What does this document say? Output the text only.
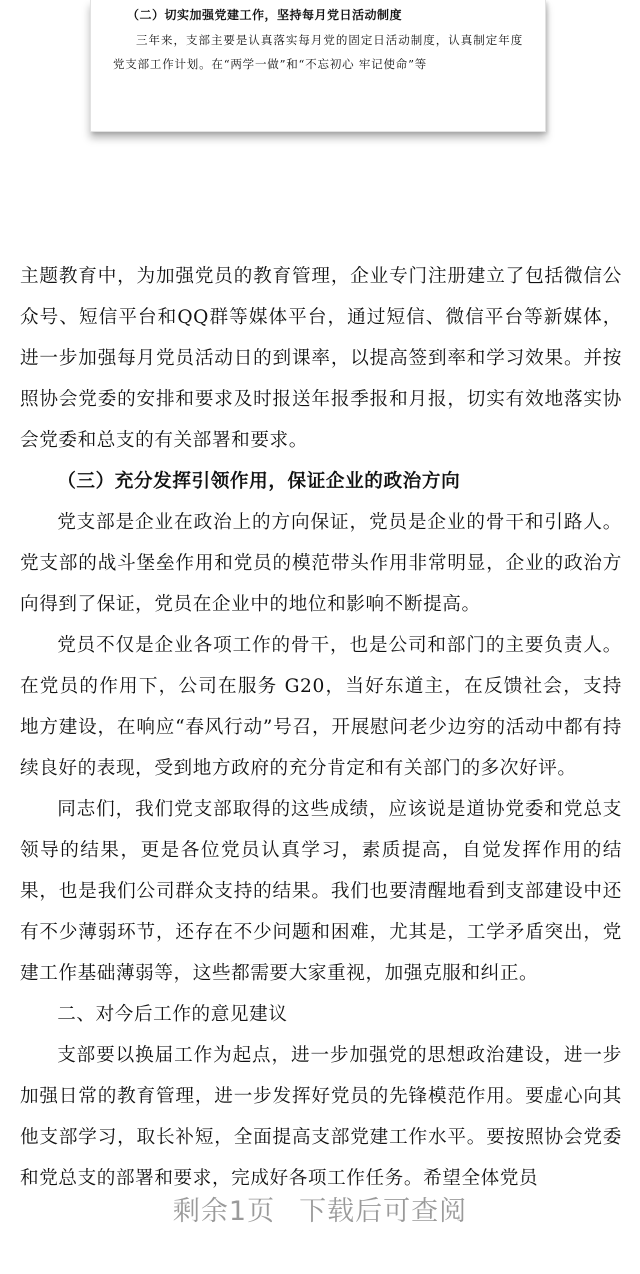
（二）切实加强党建工作，坚持每月党日活动制度

三年来，支部主要是认真落实每月党的固定日活动制度，认真制定年度党支部工作计划。在“两学一做”和“不忘初心 牢记使命”等

主题教育中，为加强党员的教育管理，企业专门注册建立了包括微信公众号、短信平台和QQ群等媒体平台，通过短信、微信平台等新媒体，进一步加强每月党员活动日的到课率，以提高签到率和学习效果。并按照协会党委的安排和要求及时报送年报季报和月报，切实有效地落实协会党委和总支的有关部署和要求。

（三）充分发挥引领作用，保证企业的政治方向

党支部是企业在政治上的方向保证，党员是企业的骨干和引路人。党支部的战斗堡垒作用和党员的模范带头作用非常明显，企业的政治方向得到了保证，党员在企业中的地位和影响不断提高。

党员不仅是企业各项工作的骨干，也是公司和部门的主要负责人。在党员的作用下，公司在服务 G20，当好东道主，在反馈社会，支持地方建设，在响应“春风行动”号召，开展慰问老少边穷的活动中都有持续良好的表现，受到地方政府的充分肯定和有关部门的多次好评。

同志们，我们党支部取得的这些成绩，应该说是道协党委和党总支领导的结果，更是各位党员认真学习，素质提高，自觉发挥作用的结果，也是我们公司群众支持的结果。我们也要清醒地看到支部建设中还有不少薄弱环节，还存在不少问题和困难，尤其是，工学矛盾突出，党建工作基础薄弱等，这些都需要大家重视，加强克服和纠正。

二、对今后工作的意见建议

支部要以换届工作为起点，进一步加强党的思想政治建设，进一步加强日常的教育管理，进一步发挥好党员的先锋模范作用。要虚心向其他支部学习，取长补短，全面提高支部党建工作水平。要按照协会党委和党总支的部署和要求，完成好各项工作任务。希望全体党员

剩余1页 下载后可查阅
